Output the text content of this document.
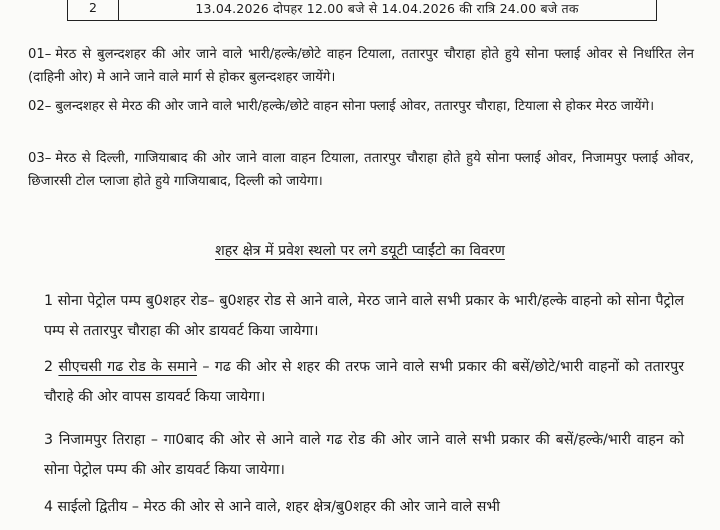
2	13.04.2026 दोपहर 12.00 बजे से 14.04.2026 की रात्रि 24.00 बजे तक
01– मेरठ से बुलन्दशहर की ओर जाने वाले भारी/हल्के/छोटे वाहन टियाला, ततारपुर चौराहा होते हुये सोना फ्लाई ओवर से निर्धारित लेन (दाहिनी ओर) मे आने जाने वाले मार्ग से होकर बुलन्दशहर जायेंगे।
02– बुलन्दशहर से मेरठ की ओर जाने वाले भारी/हल्के/छोटे वाहन सोना फ्लाई ओवर, ततारपुर चौराहा, टियाला से होकर मेरठ जायेंगे।
03– मेरठ से दिल्ली, गाजियाबाद की ओर जाने वाला वाहन टियाला, ततारपुर चौराहा होते हुये सोना फ्लाई ओवर, निजामपुर फ्लाई ओवर, छिजारसी टोल प्लाजा होते हुये गाजियाबाद, दिल्ली को जायेगा।
शहर क्षेत्र में प्रवेश स्थलो पर लगे डयूटी प्वाईंटो का विवरण
1 सोना पेट्रोल पम्प बु0शहर रोड– बु0शहर रोड से आने वाले, मेरठ जाने वाले सभी प्रकार के भारी/हल्के वाहनो को सोना पैट्रोल पम्प से ततारपुर चौराहा की ओर डायवर्ट किया जायेगा।
2 सीएचसी गढ रोड के समाने – गढ की ओर से शहर की तरफ जाने वाले सभी प्रकार की बसें/छोटे/भारी वाहनों को ततारपुर चौराहे की ओर वापस डायवर्ट किया जायेगा।
3 निजामपुर तिराहा – गा0बाद की ओर से आने वाले गढ रोड की ओर जाने वाले सभी प्रकार की बसें/हल्के/भारी वाहन को सोना पेट्रोल पम्प की ओर डायवर्ट किया जायेगा।
4 साईलो द्वितीय – मेरठ की ओर से आने वाले, शहर क्षेत्र/बु0शहर की ओर जाने वाले सभी
